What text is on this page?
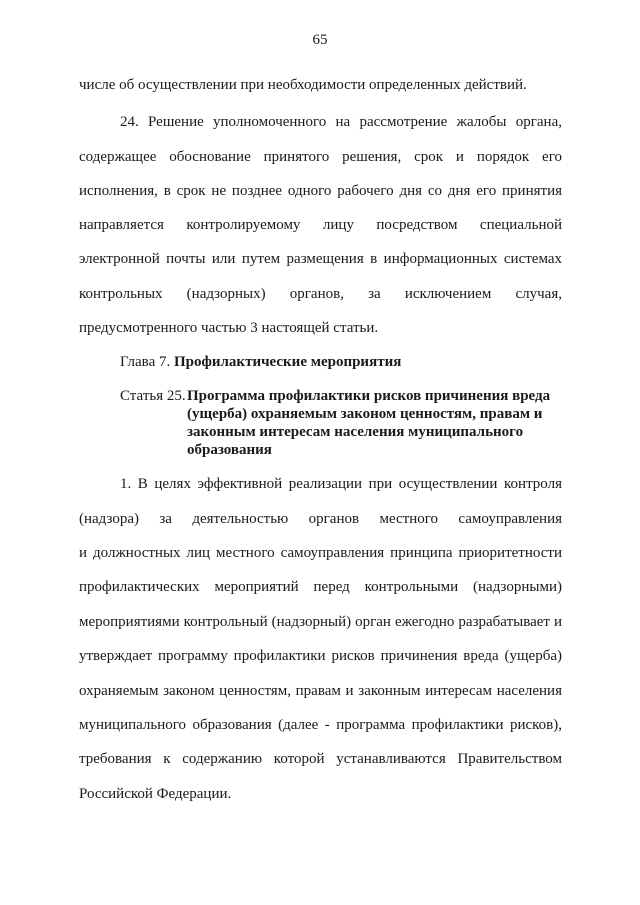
65
числе об осуществлении при необходимости определенных действий.
24. Решение уполномоченного на рассмотрение жалобы органа,
содержащее обоснование принятого решения, срок и порядок его
исполнения, в срок не позднее одного рабочего дня со дня его принятия
направляется контролируемому лицу посредством специальной
электронной почты или путем размещения в информационных системах
контрольных (надзорных) органов, за исключением случая,
предусмотренного частью 3 настоящей статьи.
Глава 7. Профилактические мероприятия
Статья 25. Программа профилактики рисков причинения вреда
(ущерба) охраняемым законом ценностям, правам и
законным интересам населения муниципального
образования
1. В целях эффективной реализации при осуществлении контроля
(надзора) за деятельностью органов местного самоуправления
и должностных лиц местного самоуправления принципа приоритетности
профилактических мероприятий перед контрольными (надзорными)
мероприятиями контрольный (надзорный) орган ежегодно разрабатывает и
утверждает программу профилактики рисков причинения вреда (ущерба)
охраняемым законом ценностям, правам и законным интересам населения
муниципального образования (далее - программа профилактики рисков),
требования к содержанию которой устанавливаются Правительством
Российской Федерации.
